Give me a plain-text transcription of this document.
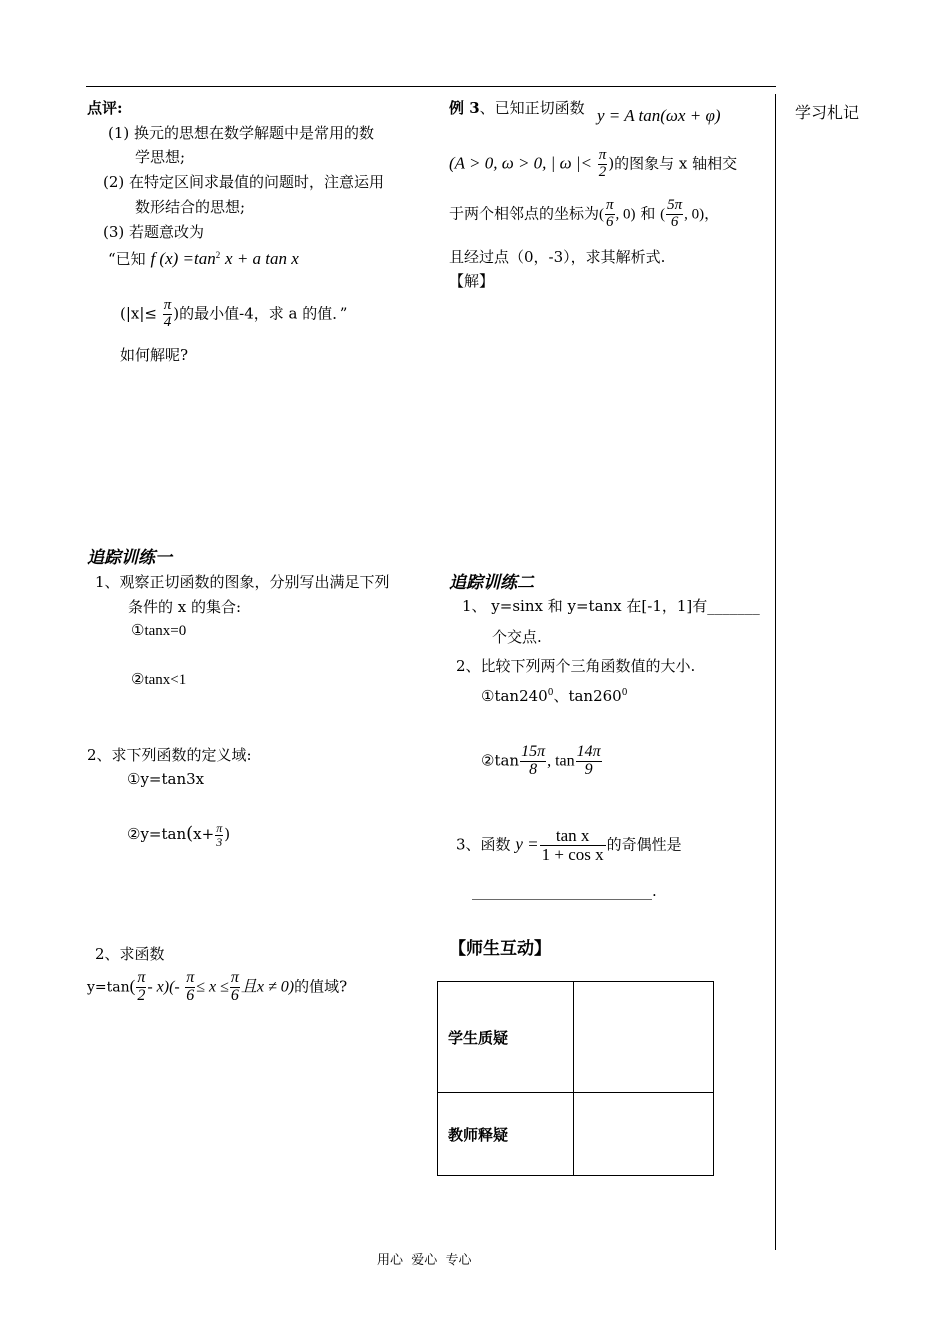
学习札记
点评:
(1) 换元的思想在数学解题中是常用的数
学思想;
(2) 在特定区间求最值的问题时，注意运用
数形结合的思想;
(3) 若题意改为
“已知 f $(x) =\tan^2$ x + a tan x
($|x|\le \frac{\pi}{4}$ )的最小值-4，求 a 的值．”
如何解呢?
例 3、已知正切函数 y = A tan(ωx + φ)
(A > 0, ω > 0, | ω |< $\frac{\pi}{2}$ )的图象与 x 轴相交
于两个相邻点的坐标为( $\frac{\pi}{6}$ , 0) 和 ( $\frac{5\pi}{6}$ , 0)，
且经过点（0，-3），求其解析式.
【解】
追踪训练一
1、观察正切函数的图象，分别写出满足下列
条件的 x 的集合:
①tanx=0
②tanx<1
2、求下列函数的定义域:
①y=tan3x
②y=tan(x+ $\frac{\pi}{3}$ )
2、求函数
$y=\tan( \frac{\pi}{2} - x)(- \frac{\pi}{6} \le x \le \frac{\pi}{6}$ 且x ≠ 0)的值域?
追踪训练二
1、 y=sinx 和 y=tanx 在[-1，1]有_______
个交点.
2、比较下列两个三角函数值的大小.
$①\tan 240^0$、$\tan 260^0$
②tan $\frac{15\pi}{8}$ , $\tan \frac{14\pi}{9}$
3、函数 $y = \frac{\text{tan x}}{\text{1 + cos x}}$ 的奇偶性是
________________________.
【师生互动】
学生质疑	
教师释疑	
用心  爱心  专心
